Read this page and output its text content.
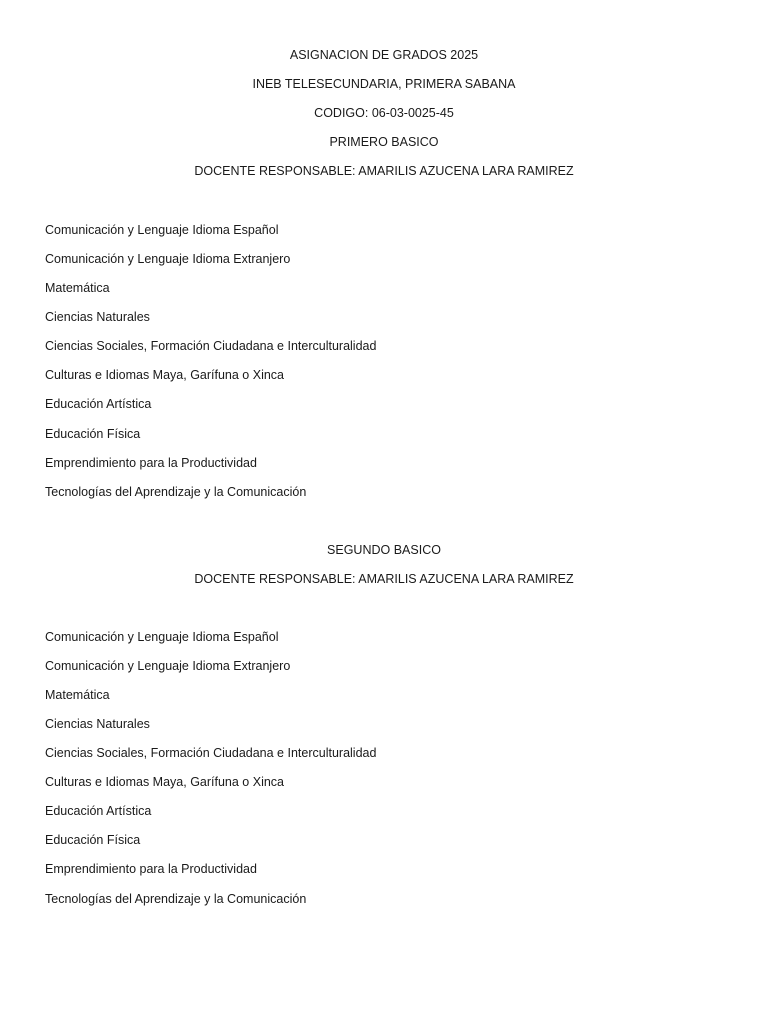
ASIGNACION DE GRADOS 2025
INEB TELESECUNDARIA, PRIMERA SABANA
CODIGO: 06-03-0025-45
PRIMERO BASICO
DOCENTE RESPONSABLE: AMARILIS AZUCENA LARA RAMIREZ
Comunicación y Lenguaje Idioma Español
Comunicación y Lenguaje Idioma Extranjero
Matemática
Ciencias Naturales
Ciencias Sociales, Formación Ciudadana e Interculturalidad
Culturas e Idiomas Maya, Garífuna o Xinca
Educación Artística
Educación Física
Emprendimiento para la Productividad
Tecnologías del Aprendizaje y la Comunicación
SEGUNDO BASICO
DOCENTE RESPONSABLE: AMARILIS AZUCENA LARA RAMIREZ
Comunicación y Lenguaje Idioma Español
Comunicación y Lenguaje Idioma Extranjero
Matemática
Ciencias Naturales
Ciencias Sociales, Formación Ciudadana e Interculturalidad
Culturas e Idiomas Maya, Garífuna o Xinca
Educación Artística
Educación Física
Emprendimiento para la Productividad
Tecnologías del Aprendizaje y la Comunicación
